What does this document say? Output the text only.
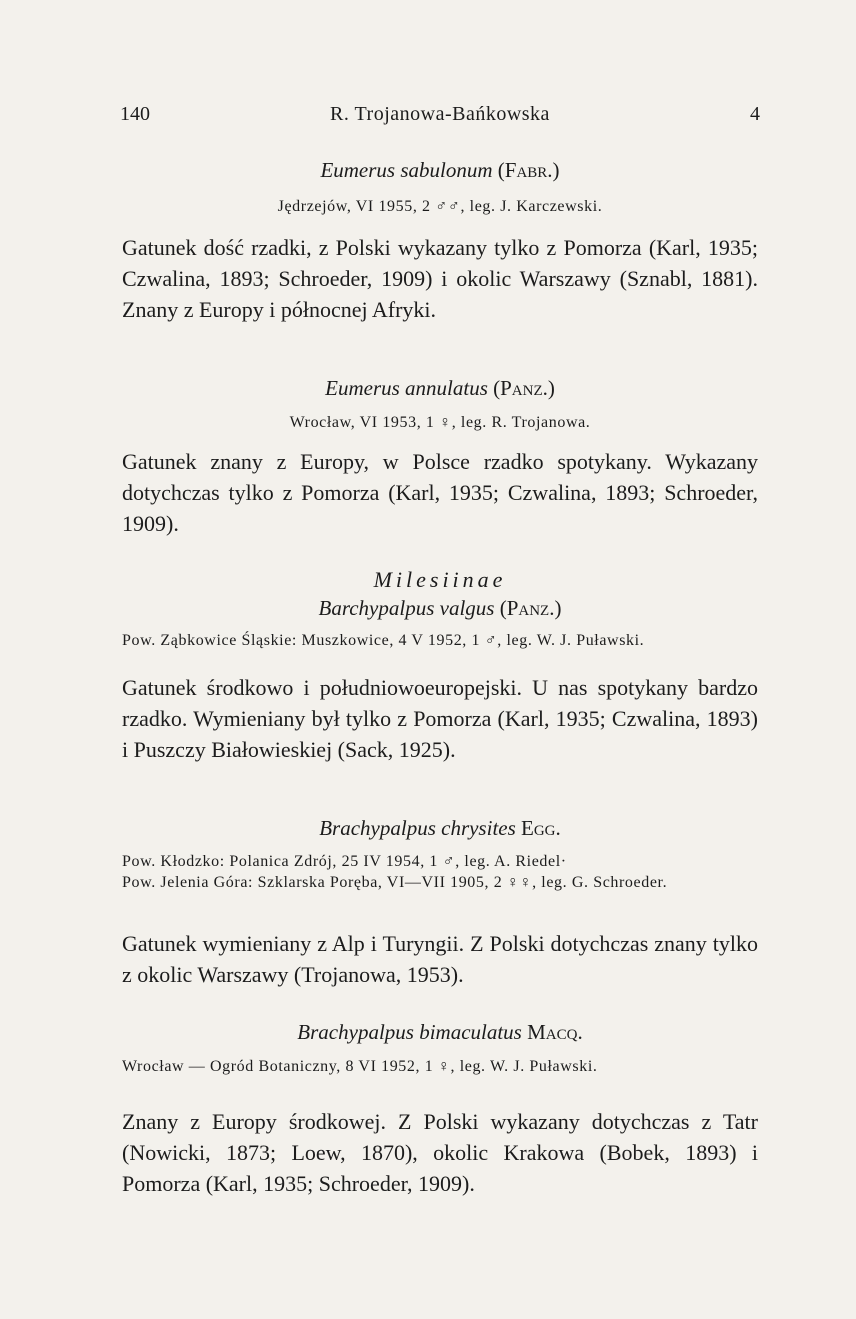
140	R. Trojanowa-Bańkowska	4
Eumerus sabulonum (Fabr.)
Jędrzejów, VI 1955, 2 ♂♂, leg. J. Karczewski.
Gatunek dość rzadki, z Polski wykazany tylko z Pomorza (Karl, 1935; Czwalina, 1893; Schroeder, 1909) i okolic Warszawy (Sznabl, 1881). Znany z Europy i północnej Afryki.
Eumerus annulatus (Panz.)
Wrocław, VI 1953, 1 ♀, leg. R. Trojanowa.
Gatunek znany z Europy, w Polsce rzadko spotykany. Wykazany dotychczas tylko z Pomorza (Karl, 1935; Czwalina, 1893; Schroeder, 1909).
Milesiinae
Barchypalpus valgus (Panz.)
Pow. Ząbkowice Śląskie: Muszkowice, 4 V 1952, 1 ♂, leg. W. J. Puławski.
Gatunek środkowo i południowoeuropejski. U nas spotykany bardzo rzadko. Wymieniany był tylko z Pomorza (Karl, 1935; Czwalina, 1893) i Puszczy Białowieskiej (Sack, 1925).
Brachypalpus chrysites Egg.
Pow. Kłodzko: Polanica Zdrój, 25 IV 1954, 1 ♂, leg. A. Riedel·
Pow. Jelenia Góra: Szklarska Poręba, VI—VII 1905, 2 ♀♀, leg. G. Schroeder.
Gatunek wymieniany z Alp i Turyngii. Z Polski dotychczas znany tylko z okolic Warszawy (Trojanowa, 1953).
Brachypalpus bimaculatus Macq.
Wrocław — Ogród Botaniczny, 8 VI 1952, 1 ♀, leg. W. J. Puławski.
Znany z Europy środkowej. Z Polski wykazany dotychczas z Tatr (Nowicki, 1873; Loew, 1870), okolic Krakowa (Bobek, 1893) i Pomorza (Karl, 1935; Schroeder, 1909).
